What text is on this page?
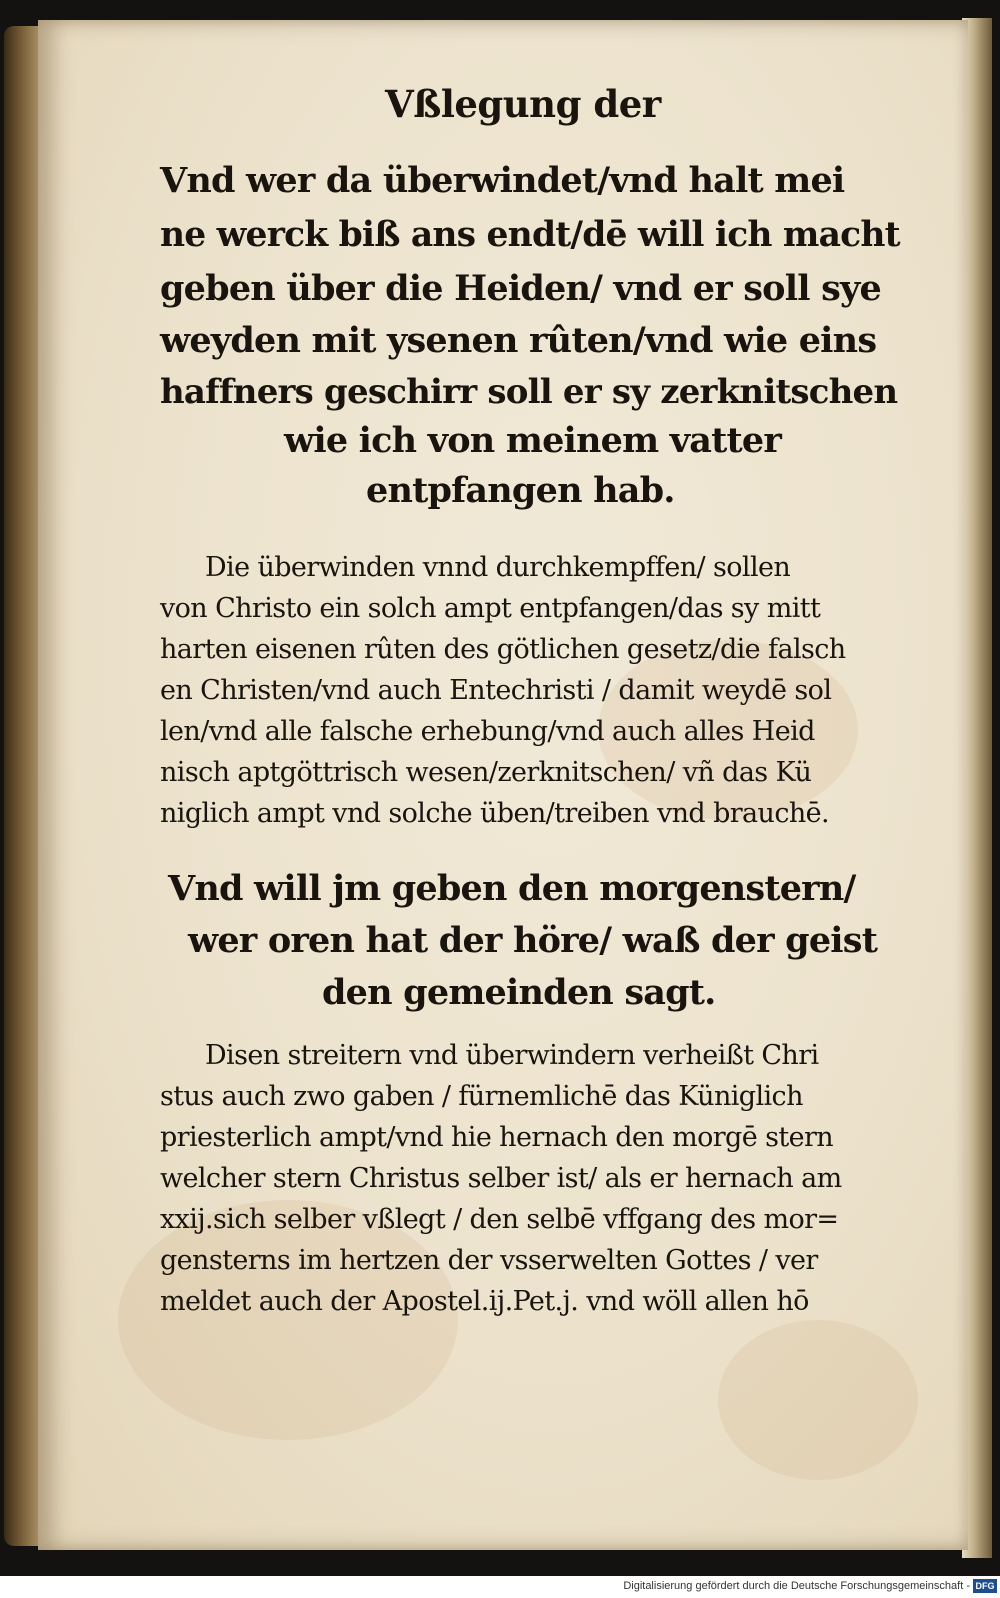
Vßlegung der
Vnd wer da überwindet/vnd halt mei
ne werck biß ans endt/dē will ich macht
geben über die Heiden/ vnd er soll sye
weyden mit ysenen rûten/vnd wie eins
haffners geschirr soll er sy zerknitschen
wie ich von meinem vatter
entpfangen hab.
Die überwinden vnnd durchkempffen/ sollen
von Christo ein solch ampt entpfangen/das sy mitt
harten eisenen rûten des götlichen gesetz/die falsch
en Christen/vnd auch Entechristi / damit weydē sol
len/vnd alle falsche erhebung/vnd auch alles Heid
nisch aptgöttrisch wesen/zerknitschen/ vñ das Kü
niglich ampt vnd solche üben/treiben vnd brauchē.
Vnd will jm geben den morgenstern/
wer oren hat der höre/ waß der geist
den gemeinden sagt.
Disen streitern vnd überwindern verheißt Chri
stus auch zwo gaben / fürnemlichē das Küniglich
priesterlich ampt/vnd hie hernach den morgē stern
welcher stern Christus selber ist/ als er hernach am
xxij.sich selber vßlegt / den selbē vffgang des mor=
gensterns im hertzen der vsserwelten Gottes / ver
meldet auch der Apostel.ij.Pet.j. vnd wöll allen hō
Digitalisierung gefördert durch die Deutsche Forschungsgemeinschaft - DFG
